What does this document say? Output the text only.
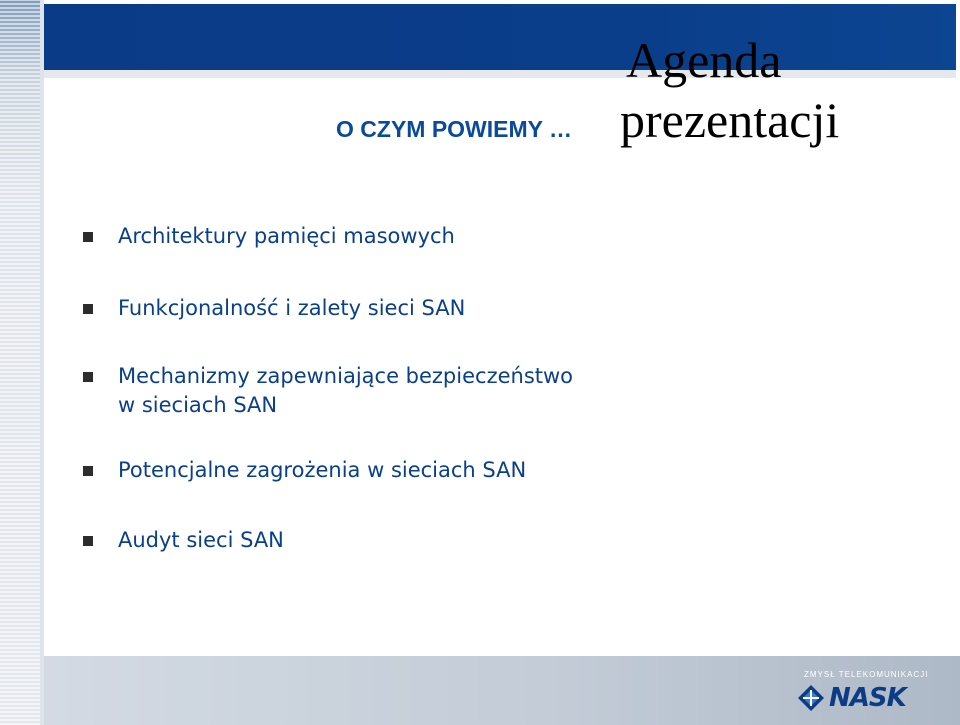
O CZYM POWIEMY …
Agenda
prezentacji
Architektury pamięci masowych
Funkcjonalność i zalety sieci SAN
Mechanizmy zapewniające bezpieczeństwo
w sieciach SAN
Potencjalne zagrożenia w sieciach SAN
Audyt sieci SAN

ZMYSŁ TELEKOMUNIKACJI

NASK
